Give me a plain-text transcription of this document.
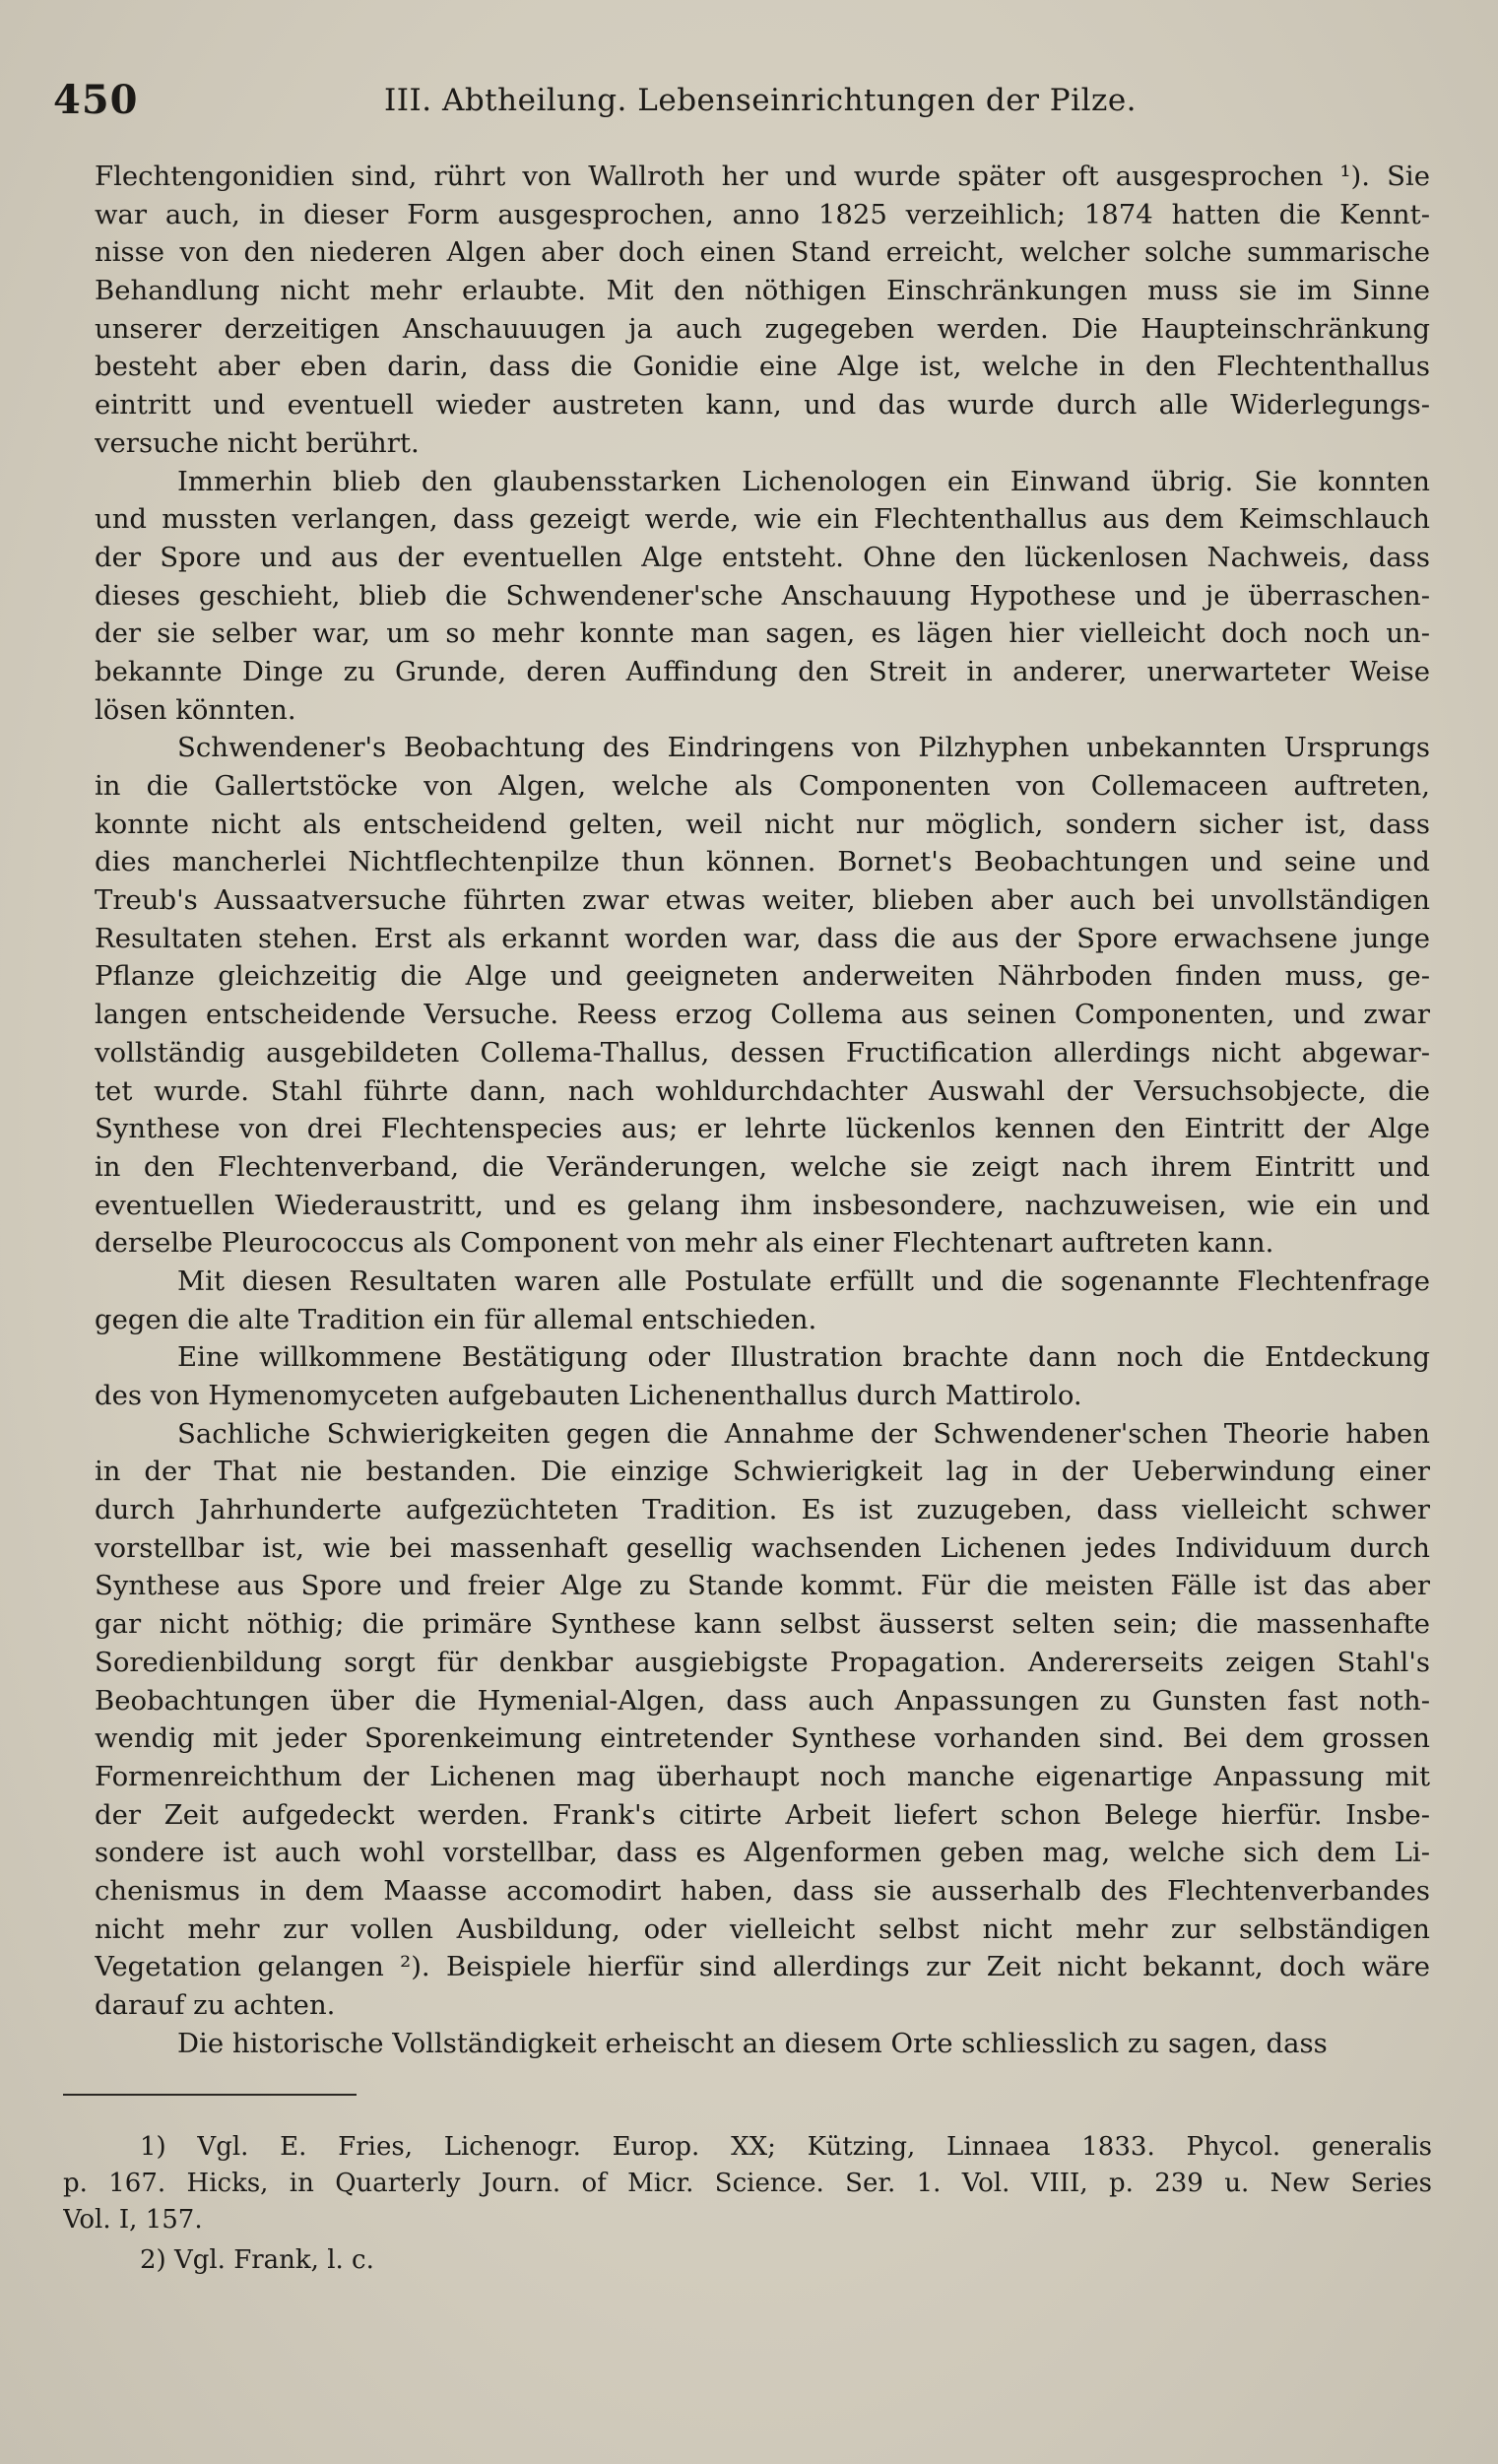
450	III. Abtheilung. Lebenseinrichtungen der Pilze.
Flechtengonidien sind, rührt von Wallroth her und wurde später oft ausgesprochen ¹). Sie
war auch, in dieser Form ausgesprochen, anno 1825 verzeihlich; 1874 hatten die Kennt-
nisse von den niederen Algen aber doch einen Stand erreicht, welcher solche summarische
Behandlung nicht mehr erlaubte. Mit den nöthigen Einschränkungen muss sie im Sinne
unserer derzeitigen Anschauuugen ja auch zugegeben werden. Die Haupteinschränkung
besteht aber eben darin, dass die Gonidie eine Alge ist, welche in den Flechtenthallus
eintritt und eventuell wieder austreten kann, und das wurde durch alle Widerlegungs-
versuche nicht berührt.
Immerhin blieb den glaubensstarken Lichenologen ein Einwand übrig. Sie konnten
und mussten verlangen, dass gezeigt werde, wie ein Flechtenthallus aus dem Keimschlauch
der Spore und aus der eventuellen Alge entsteht. Ohne den lückenlosen Nachweis, dass
dieses geschieht, blieb die Schwendener'sche Anschauung Hypothese und je überraschen-
der sie selber war, um so mehr konnte man sagen, es lägen hier vielleicht doch noch un-
bekannte Dinge zu Grunde, deren Auffindung den Streit in anderer, unerwarteter Weise
lösen könnten.
Schwendener's Beobachtung des Eindringens von Pilzhyphen unbekannten Ursprungs
in die Gallertstöcke von Algen, welche als Componenten von Collemaceen auftreten,
konnte nicht als entscheidend gelten, weil nicht nur möglich, sondern sicher ist, dass
dies mancherlei Nichtflechtenpilze thun können. Bornet's Beobachtungen und seine und
Treub's Aussaatversuche führten zwar etwas weiter, blieben aber auch bei unvollständigen
Resultaten stehen. Erst als erkannt worden war, dass die aus der Spore erwachsene junge
Pflanze gleichzeitig die Alge und geeigneten anderweiten Nährboden finden muss, ge-
langen entscheidende Versuche. Reess erzog Collema aus seinen Componenten, und zwar
vollständig ausgebildeten Collema-Thallus, dessen Fructification allerdings nicht abgewar-
tet wurde. Stahl führte dann, nach wohldurchdachter Auswahl der Versuchsobjecte, die
Synthese von drei Flechtenspecies aus; er lehrte lückenlos kennen den Eintritt der Alge
in den Flechtenverband, die Veränderungen, welche sie zeigt nach ihrem Eintritt und
eventuellen Wiederaustritt, und es gelang ihm insbesondere, nachzuweisen, wie ein und
derselbe Pleurococcus als Component von mehr als einer Flechtenart auftreten kann.
Mit diesen Resultaten waren alle Postulate erfüllt und die sogenannte Flechtenfrage
gegen die alte Tradition ein für allemal entschieden.
Eine willkommene Bestätigung oder Illustration brachte dann noch die Entdeckung
des von Hymenomyceten aufgebauten Lichenenthallus durch Mattirolo.
Sachliche Schwierigkeiten gegen die Annahme der Schwendener'schen Theorie haben
in der That nie bestanden. Die einzige Schwierigkeit lag in der Ueberwindung einer
durch Jahrhunderte aufgezüchteten Tradition. Es ist zuzugeben, dass vielleicht schwer
vorstellbar ist, wie bei massenhaft gesellig wachsenden Lichenen jedes Individuum durch
Synthese aus Spore und freier Alge zu Stande kommt. Für die meisten Fälle ist das aber
gar nicht nöthig; die primäre Synthese kann selbst äusserst selten sein; die massenhafte
Soredienbildung sorgt für denkbar ausgiebigste Propagation. Andererseits zeigen Stahl's
Beobachtungen über die Hymenial-Algen, dass auch Anpassungen zu Gunsten fast noth-
wendig mit jeder Sporenkeimung eintretender Synthese vorhanden sind. Bei dem grossen
Formenreichthum der Lichenen mag überhaupt noch manche eigenartige Anpassung mit
der Zeit aufgedeckt werden. Frank's citirte Arbeit liefert schon Belege hierfür. Insbe-
sondere ist auch wohl vorstellbar, dass es Algenformen geben mag, welche sich dem Li-
chenismus in dem Maasse accomodirt haben, dass sie ausserhalb des Flechtenverbandes
nicht mehr zur vollen Ausbildung, oder vielleicht selbst nicht mehr zur selbständigen
Vegetation gelangen ²). Beispiele hierfür sind allerdings zur Zeit nicht bekannt, doch wäre
darauf zu achten.
Die historische Vollständigkeit erheischt an diesem Orte schliesslich zu sagen, dass
1) Vgl. E. Fries, Lichenogr. Europ. XX; Kützing, Linnaea 1833. Phycol. generalis
p. 167. Hicks, in Quarterly Journ. of Micr. Science. Ser. 1. Vol. VIII, p. 239 u. New Series
Vol. I, 157.
2) Vgl. Frank, l. c.
